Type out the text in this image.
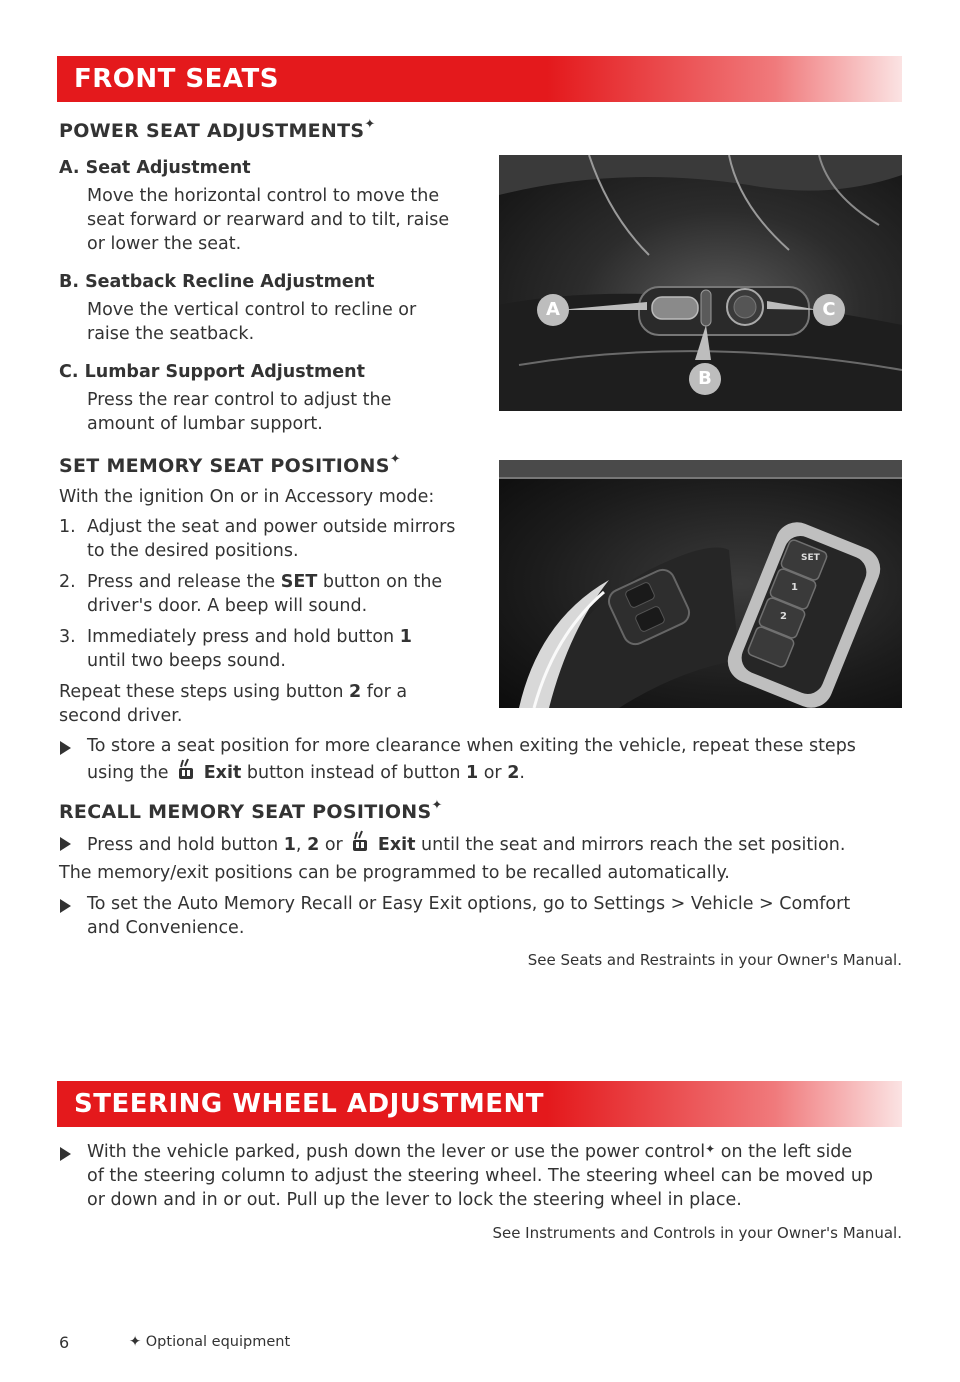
FRONT SEATS
POWER SEAT ADJUSTMENTS✦
A. Seat Adjustment
Move the horizontal control to move the
seat forward or rearward and to tilt, raise
or lower the seat.
B. Seatback Recline Adjustment
Move the vertical control to recline or
raise the seatback.
C. Lumbar Support Adjustment
Press the rear control to adjust the
amount of lumbar support.
A	C
B
SET MEMORY SEAT POSITIONS✦
With the ignition On or in Accessory mode:
1. Adjust the seat and power outside mirrors
to the desired positions.
2. Press and release the SET button on the
driver's door. A beep will sound.
3. Immediately press and hold button 1
until two beeps sound.
Repeat these steps using button 2 for a
second driver.
SET
1
2
To store a seat position for more clearance when exiting the vehicle, repeat these steps
using the  Exit button instead of button 1 or 2.
RECALL MEMORY SEAT POSITIONS✦
Press and hold button 1, 2 or  Exit until the seat and mirrors reach the set position.
The memory/exit positions can be programmed to be recalled automatically.
To set the Auto Memory Recall or Easy Exit options, go to Settings > Vehicle > Comfort
and Convenience.
See Seats and Restraints in your Owner's Manual.
STEERING WHEEL ADJUSTMENT
With the vehicle parked, push down the lever or use the power control✦ on the left side
of the steering column to adjust the steering wheel. The steering wheel can be moved up
or down and in or out. Pull up the lever to lock the steering wheel in place.
See Instruments and Controls in your Owner's Manual.
6	✦ Optional equipment
